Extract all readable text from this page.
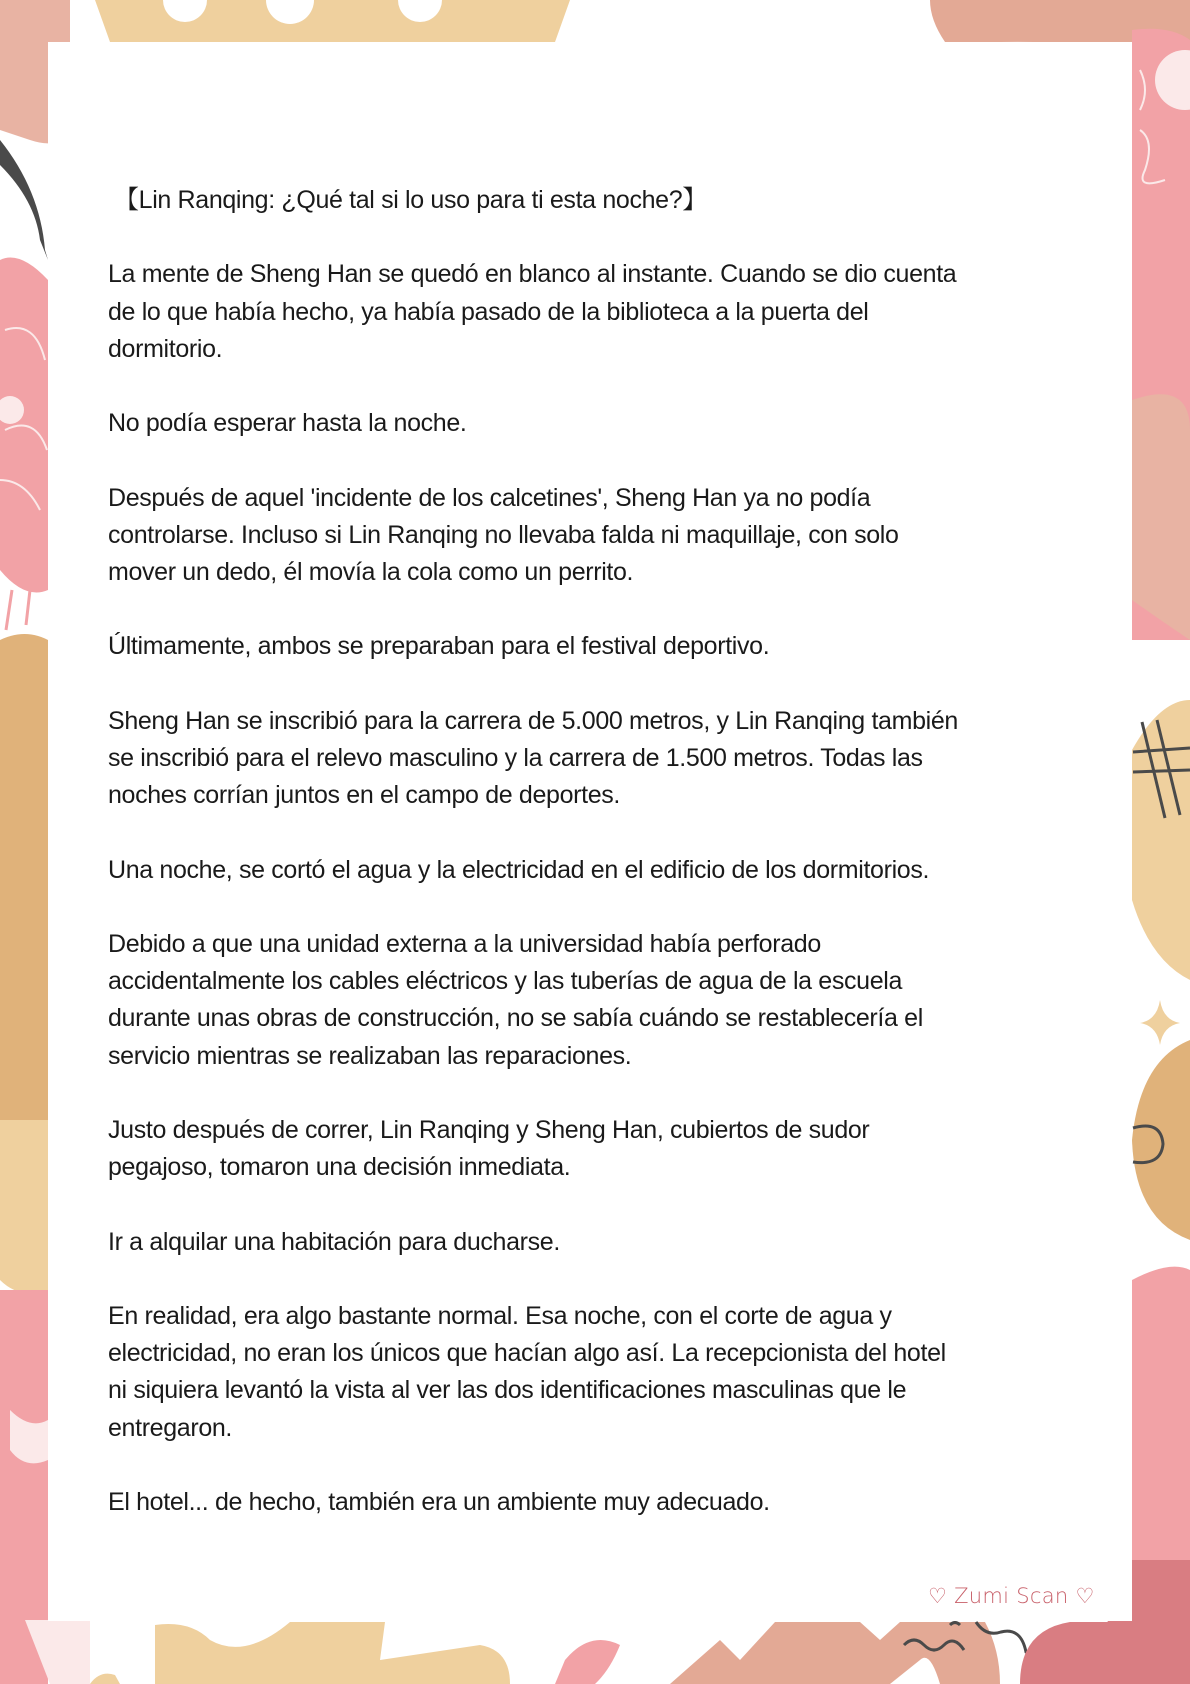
【Lin Ranqing: ¿Qué tal si lo uso para ti esta noche?】

La mente de Sheng Han se quedó en blanco al instante. Cuando se dio cuenta
de lo que había hecho, ya había pasado de la biblioteca a la puerta del
dormitorio.

No podía esperar hasta la noche.

Después de aquel 'incidente de los calcetines', Sheng Han ya no podía
controlarse. Incluso si Lin Ranqing no llevaba falda ni maquillaje, con solo
mover un dedo, él movía la cola como un perrito.

Últimamente, ambos se preparaban para el festival deportivo.

Sheng Han se inscribió para la carrera de 5.000 metros, y Lin Ranqing también
se inscribió para el relevo masculino y la carrera de 1.500 metros. Todas las
noches corrían juntos en el campo de deportes.

Una noche, se cortó el agua y la electricidad en el edificio de los dormitorios.

Debido a que una unidad externa a la universidad había perforado
accidentalmente los cables eléctricos y las tuberías de agua de la escuela
durante unas obras de construcción, no se sabía cuándo se restablecería el
servicio mientras se realizaban las reparaciones.

Justo después de correr, Lin Ranqing y Sheng Han, cubiertos de sudor
pegajoso, tomaron una decisión inmediata.

Ir a alquilar una habitación para ducharse.

En realidad, era algo bastante normal. Esa noche, con el corte de agua y
electricidad, no eran los únicos que hacían algo así. La recepcionista del hotel
ni siquiera levantó la vista al ver las dos identificaciones masculinas que le
entregaron.

El hotel... de hecho, también era un ambiente muy adecuado.

♡ Zumi Scan ♡
